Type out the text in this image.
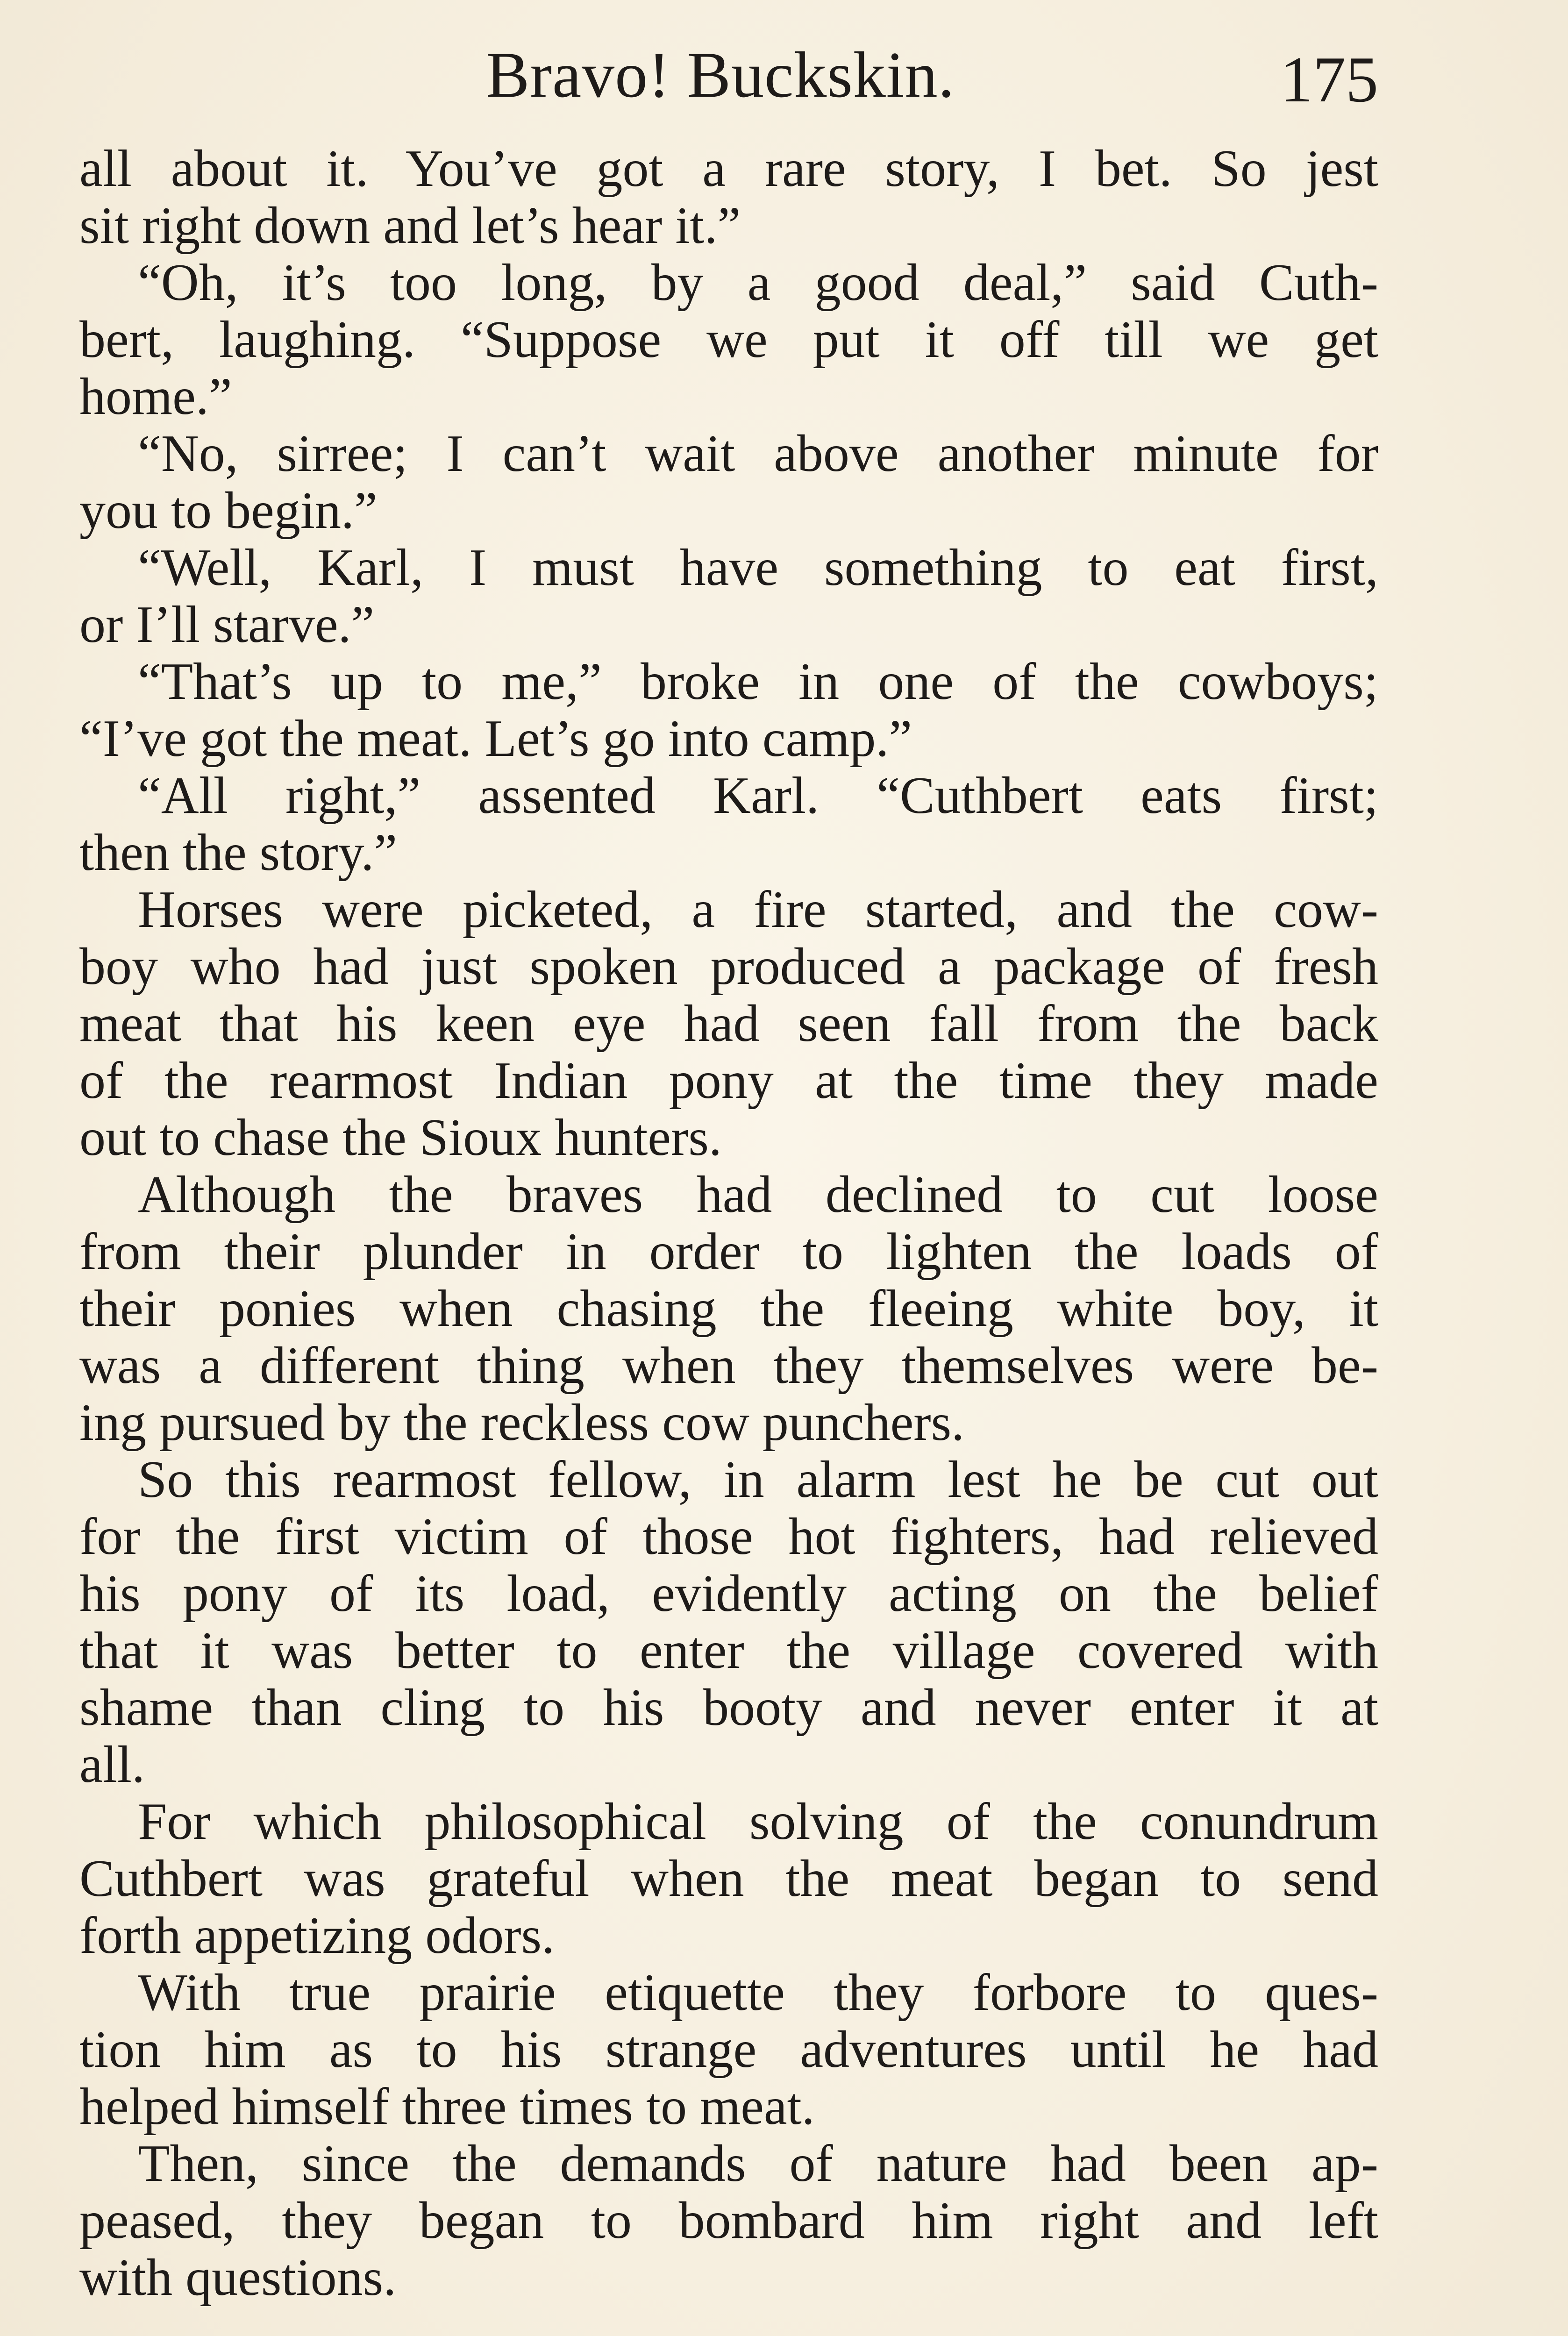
Bravo! Buckskin.	175
all about it. You’ve got a rare story, I bet. So jest
sit right down and let’s hear it.”
“Oh, it’s too long, by a good deal,” said Cuth-
bert, laughing. “Suppose we put it off till we get
home.”
“No, sirree; I can’t wait above another minute for
you to begin.”
“Well, Karl, I must have something to eat first,
or I’ll starve.”
“That’s up to me,” broke in one of the cowboys;
“I’ve got the meat. Let’s go into camp.”
“All right,” assented Karl. “Cuthbert eats first;
then the story.”
Horses were picketed, a fire started, and the cow-
boy who had just spoken produced a package of fresh
meat that his keen eye had seen fall from the back
of the rearmost Indian pony at the time they made
out to chase the Sioux hunters.
Although the braves had declined to cut loose
from their plunder in order to lighten the loads of
their ponies when chasing the fleeing white boy, it
was a different thing when they themselves were be-
ing pursued by the reckless cow punchers.
So this rearmost fellow, in alarm lest he be cut out
for the first victim of those hot fighters, had relieved
his pony of its load, evidently acting on the belief
that it was better to enter the village covered with
shame than cling to his booty and never enter it at
all.
For which philosophical solving of the conundrum
Cuthbert was grateful when the meat began to send
forth appetizing odors.
With true prairie etiquette they forbore to ques-
tion him as to his strange adventures until he had
helped himself three times to meat.
Then, since the demands of nature had been ap-
peased, they began to bombard him right and left
with questions.
